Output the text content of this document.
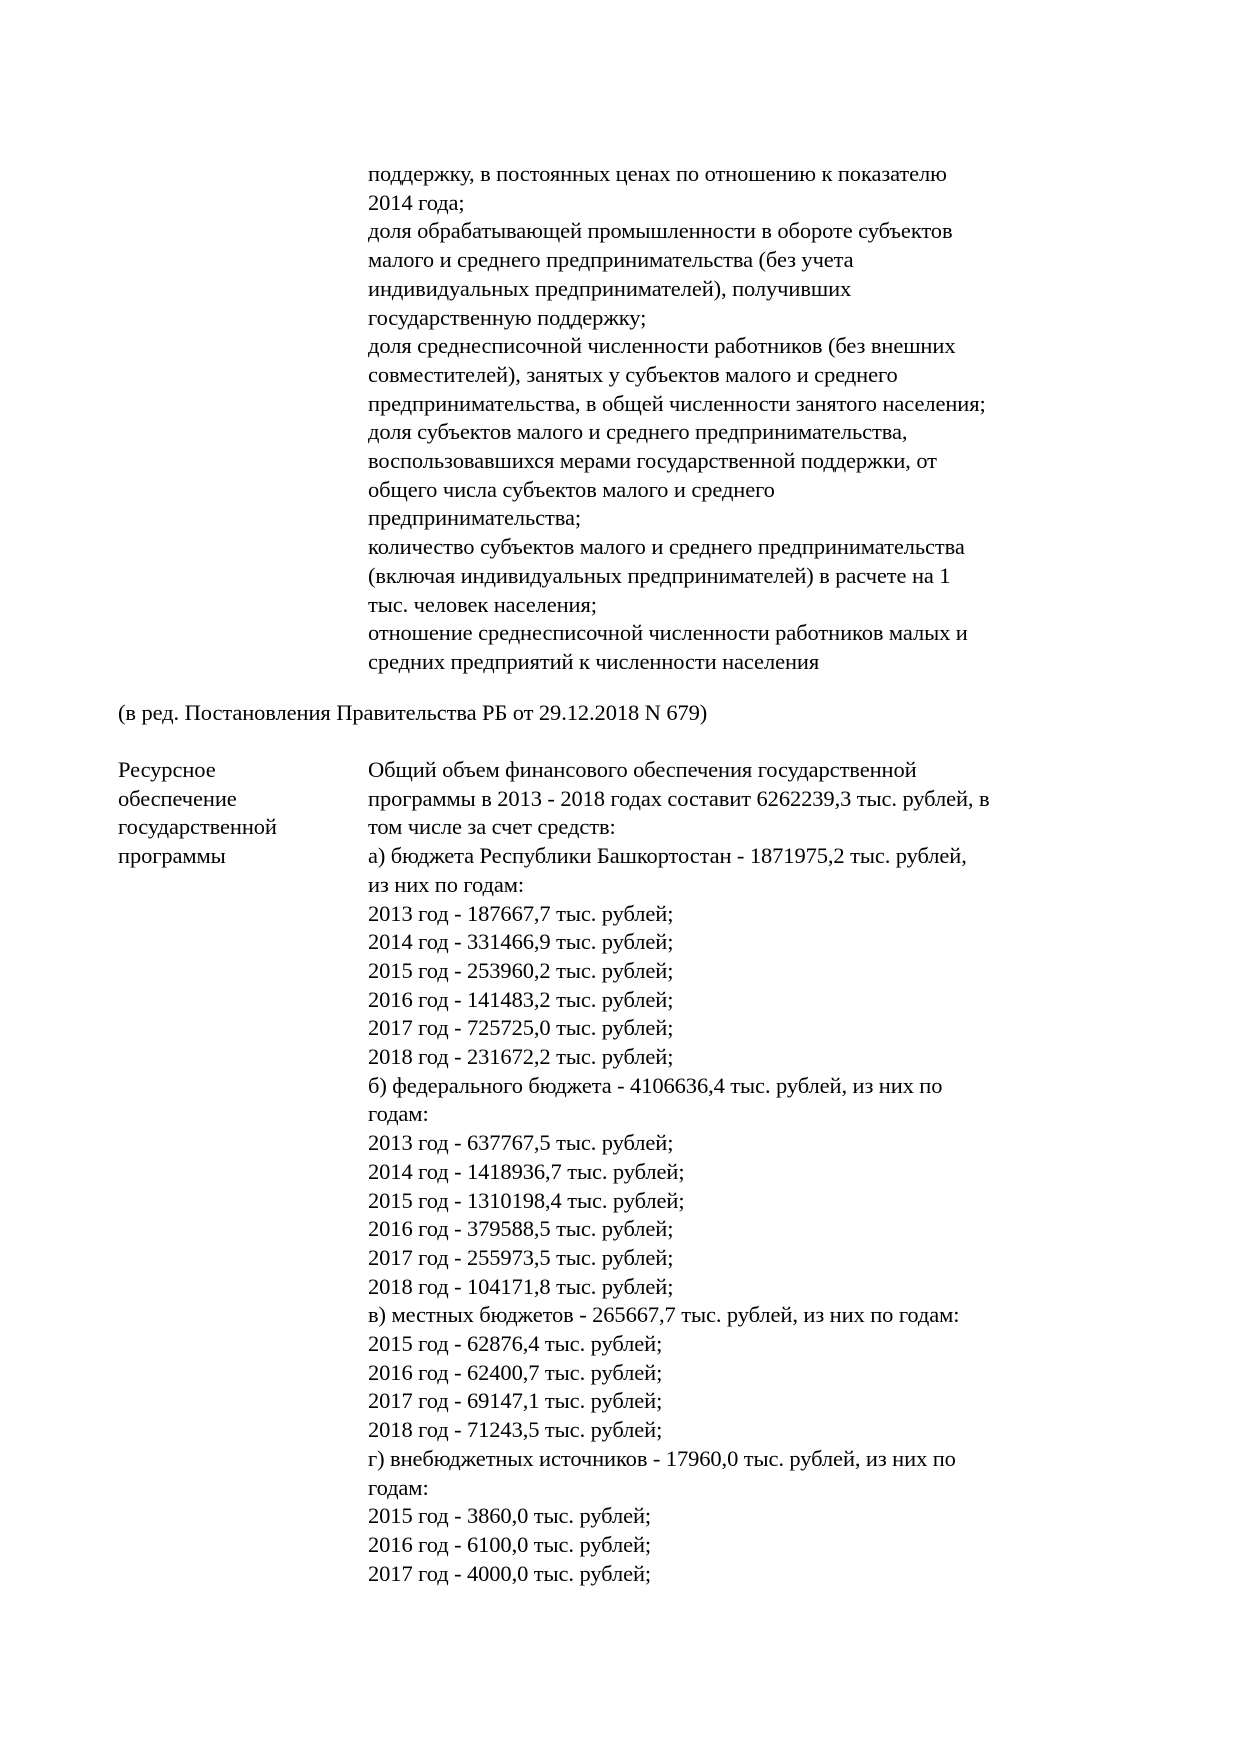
поддержку, в постоянных ценах по отношению к показателю
2014 года;
доля обрабатывающей промышленности в обороте субъектов
малого и среднего предпринимательства (без учета
индивидуальных предпринимателей), получивших
государственную поддержку;
доля среднесписочной численности работников (без внешних
совместителей), занятых у субъектов малого и среднего
предпринимательства, в общей численности занятого населения;
доля субъектов малого и среднего предпринимательства,
воспользовавшихся мерами государственной поддержки, от
общего числа субъектов малого и среднего
предпринимательства;
количество субъектов малого и среднего предпринимательства
(включая индивидуальных предпринимателей) в расчете на 1
тыс. человек населения;
отношение среднесписочной численности работников малых и
средних предприятий к численности населения
(в ред. Постановления Правительства РБ от 29.12.2018 N 679)
Ресурсное
обеспечение
государственной
программы
Общий объем финансового обеспечения государственной
программы в 2013 - 2018 годах составит 6262239,3 тыс. рублей, в
том числе за счет средств:
а) бюджета Республики Башкортостан - 1871975,2 тыс. рублей,
из них по годам:
2013 год - 187667,7 тыс. рублей;
2014 год - 331466,9 тыс. рублей;
2015 год - 253960,2 тыс. рублей;
2016 год - 141483,2 тыс. рублей;
2017 год - 725725,0 тыс. рублей;
2018 год - 231672,2 тыс. рублей;
б) федерального бюджета - 4106636,4 тыс. рублей, из них по
годам:
2013 год - 637767,5 тыс. рублей;
2014 год - 1418936,7 тыс. рублей;
2015 год - 1310198,4 тыс. рублей;
2016 год - 379588,5 тыс. рублей;
2017 год - 255973,5 тыс. рублей;
2018 год - 104171,8 тыс. рублей;
в) местных бюджетов - 265667,7 тыс. рублей, из них по годам:
2015 год - 62876,4 тыс. рублей;
2016 год - 62400,7 тыс. рублей;
2017 год - 69147,1 тыс. рублей;
2018 год - 71243,5 тыс. рублей;
г) внебюджетных источников - 17960,0 тыс. рублей, из них по
годам:
2015 год - 3860,0 тыс. рублей;
2016 год - 6100,0 тыс. рублей;
2017 год - 4000,0 тыс. рублей;
